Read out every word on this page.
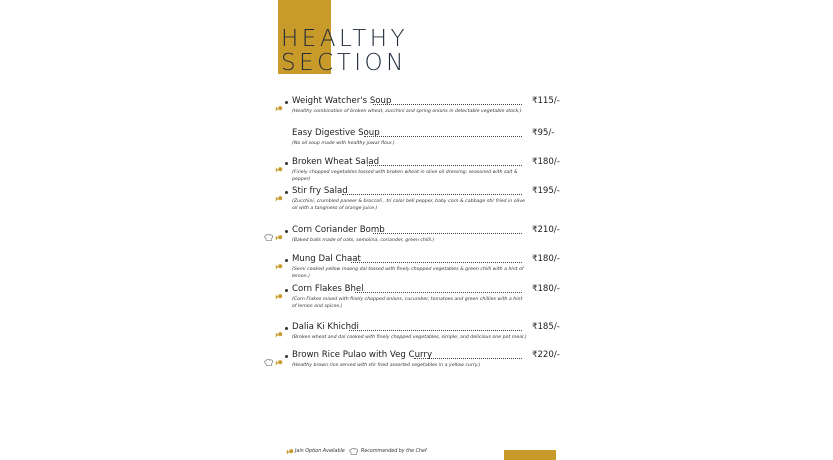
HEALTHY
SECTION
Weight Watcher's Soup	₹115/-
(Healthy combination of broken wheat, zucchini and spring onions in delectable vegetable stock.)
Easy Digestive Soup	₹95/-
(No oil soup made with healthy jowar flour.)
Broken Wheat Salad	₹180/-
(Finely chopped vegetables tossed with broken wheat in olive oil dressing; seasoned with salt & pepper)
Stir fry Salad	₹195/-
(Zucchini, crumbled paneer & broccoli , tri color bell pepper, baby corn & cabbage stir fried in olive oil with a tanginess of orange juice.)
Corn Coriander Bomb	₹210/-
(Baked balls made of oats, semolina, coriander, green chilli.)
Mung Dal Chaat	₹180/-
(Semi cooked yellow moong dal tossed with finely chopped vegetables & green chilli with a hint of lemon.)
Corn Flakes Bhel	₹180/-
(Corn Flakes mixed with finely chopped onions, cucumber, tomatoes and green chillies with a hint of lemon and spices.)
Dalia Ki Khichdi	₹185/-
(Broken wheat and dal cooked with finely chopped vegetables, simple, and delicious one pot meal.)
Brown Rice Pulao with Veg Curry	₹220/-
(Healthy brown rice served with stir fried assorted vegetables in a yellow curry.)
Jain Option Available	Recommended by the Chef
